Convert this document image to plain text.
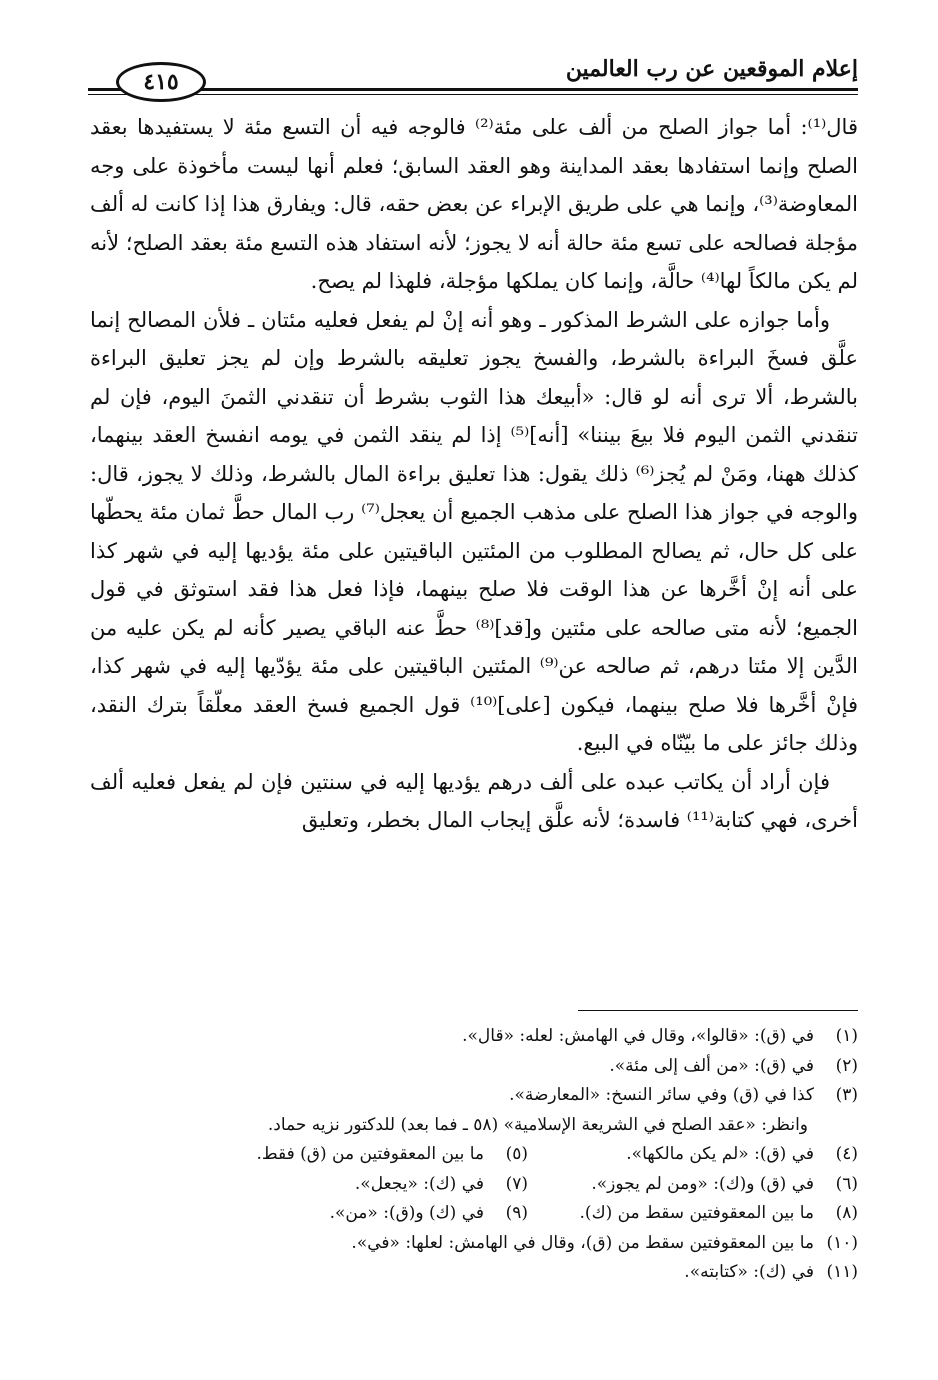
إعلام الموقعين عن رب العالمين
٤١٥

قال⁽¹⁾: أما جواز الصلح من ألف على مئة⁽²⁾ فالوجه فيه أن التسع مئة لا يستفيدها بعقد الصلح وإنما استفادها بعقد المداينة وهو العقد السابق؛ فعلم أنها ليست مأخوذة على وجه المعاوضة⁽³⁾، وإنما هي على طريق الإبراء عن بعض حقه، قال: ويفارق هذا إذا كانت له ألف مؤجلة فصالحه على تسع مئة حالة أنه لا يجوز؛ لأنه استفاد هذه التسع مئة بعقد الصلح؛ لأنه لم يكن مالكاً لها⁽⁴⁾ حالَّة، وإنما كان يملكها مؤجلة، فلهذا لم يصح.

وأما جوازه على الشرط المذكور ـ وهو أنه إنْ لم يفعل فعليه مئتان ـ فلأن المصالح إنما علَّق فسخَ البراءة بالشرط، والفسخ يجوز تعليقه بالشرط وإن لم يجز تعليق البراءة بالشرط، ألا ترى أنه لو قال: «أبيعك هذا الثوب بشرط أن تنقدني الثمنَ اليوم، فإن لم تنقدني الثمن اليوم فلا بيعَ بيننا» [أنه]⁽⁵⁾ إذا لم ينقد الثمن في يومه انفسخ العقد بينهما، كذلك ههنا، ومَنْ لم يُجز⁽⁶⁾ ذلك يقول: هذا تعليق براءة المال بالشرط، وذلك لا يجوز، قال: والوجه في جواز هذا الصلح على مذهب الجميع أن يعجل⁽⁷⁾ رب المال حطَّ ثمان مئة يحطّها على كل حال، ثم يصالح المطلوب من المئتين الباقيتين على مئة يؤديها إليه في شهر كذا على أنه إنْ أخَّرها عن هذا الوقت فلا صلح بينهما، فإذا فعل هذا فقد استوثق في قول الجميع؛ لأنه متى صالحه على مئتين و[قد]⁽⁸⁾ حطَّ عنه الباقي يصير كأنه لم يكن عليه من الدَّين إلا مئتا درهم، ثم صالحه عن⁽⁹⁾ المئتين الباقيتين على مئة يؤدّيها إليه في شهر كذا، فإنْ أخَّرها فلا صلح بينهما، فيكون [على]⁽¹⁰⁾ قول الجميع فسخ العقد معلّقاً بترك النقد، وذلك جائز على ما بيّنّاه في البيع.

فإن أراد أن يكاتب عبده على ألف درهم يؤديها إليه في سنتين فإن لم يفعل فعليه ألف أخرى، فهي كتابة⁽¹¹⁾ فاسدة؛ لأنه علَّق إيجاب المال بخطر، وتعليق

(١)في (ق): «قالوا»، وقال في الهامش: لعله: «قال».
(٢)في (ق): «من ألف إلى مئة».
(٣)كذا في (ق) وفي سائر النسخ: «المعارضة».
وانظر: «عقد الصلح في الشريعة الإسلامية» (٥٨ ـ فما بعد) للدكتور نزيه حماد.
(٤)في (ق): «لم يكن مالكها».(٥)ما بين المعقوفتين من (ق) فقط.
(٦)في (ق) و(ك): «ومن لم يجوز».(٧)في (ك): «يجعل».
(٨)ما بين المعقوفتين سقط من (ك).(٩)في (ك) و(ق): «من».
(١٠)ما بين المعقوفتين سقط من (ق)، وقال في الهامش: لعلها: «في».
(١١)في (ك): «كتابته».
